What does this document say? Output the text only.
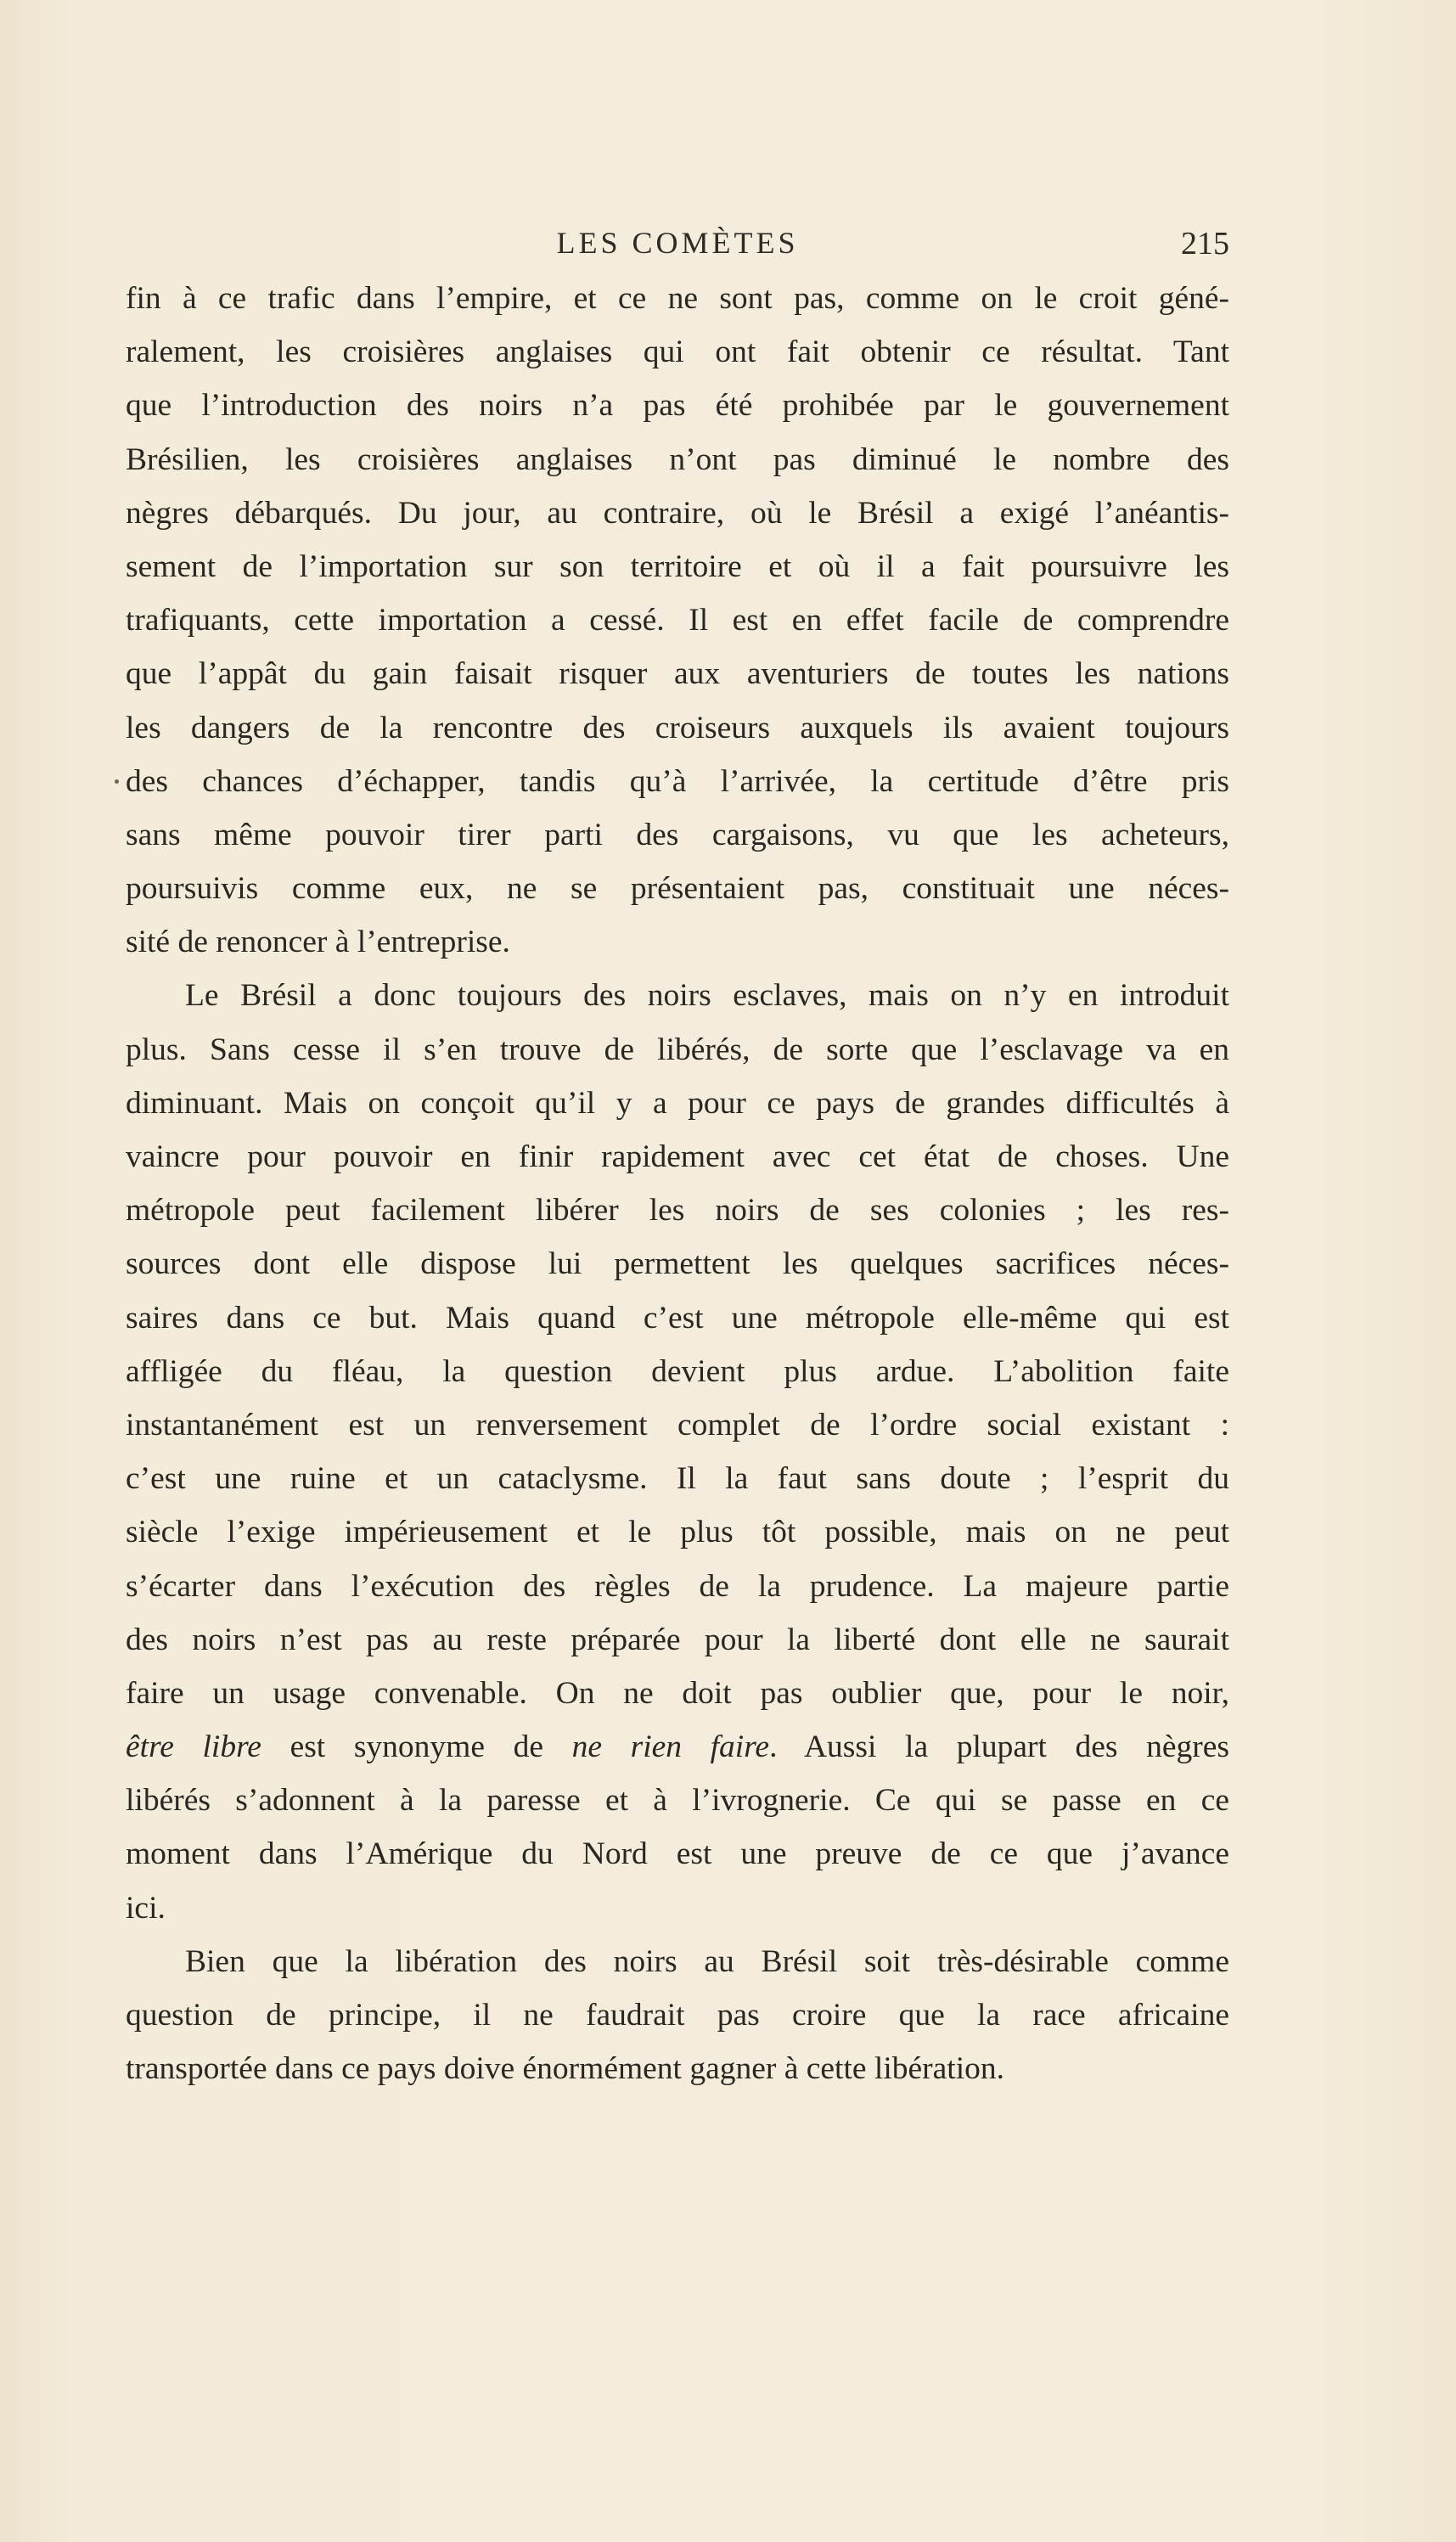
LES COMÈTES	215
fin à ce trafic dans l’empire, et ce ne sont pas, comme on le croit géné-
ralement, les croisières anglaises qui ont fait obtenir ce résultat. Tant
que l’introduction des noirs n’a pas été prohibée par le gouvernement
Brésilien, les croisières anglaises n’ont pas diminué le nombre des
nègres débarqués. Du jour, au contraire, où le Brésil a exigé l’anéantis-
sement de l’importation sur son territoire et où il a fait poursuivre les
trafiquants, cette importation a cessé. Il est en effet facile de comprendre
que l’appât du gain faisait risquer aux aventuriers de toutes les nations
les dangers de la rencontre des croiseurs auxquels ils avaient toujours
des chances d’échapper, tandis qu’à l’arrivée, la certitude d’être pris
sans même pouvoir tirer parti des cargaisons, vu que les acheteurs,
poursuivis comme eux, ne se présentaient pas, constituait une néces-
sité de renoncer à l’entreprise.
Le Brésil a donc toujours des noirs esclaves, mais on n’y en introduit
plus. Sans cesse il s’en trouve de libérés, de sorte que l’esclavage va en
diminuant. Mais on conçoit qu’il y a pour ce pays de grandes difficultés à
vaincre pour pouvoir en finir rapidement avec cet état de choses. Une
métropole peut facilement libérer les noirs de ses colonies ; les res-
sources dont elle dispose lui permettent les quelques sacrifices néces-
saires dans ce but. Mais quand c’est une métropole elle-même qui est
affligée du fléau, la question devient plus ardue. L’abolition faite
instantanément est un renversement complet de l’ordre social existant :
c’est une ruine et un cataclysme. Il la faut sans doute ; l’esprit du
siècle l’exige impérieusement et le plus tôt possible, mais on ne peut
s’écarter dans l’exécution des règles de la prudence. La majeure partie
des noirs n’est pas au reste préparée pour la liberté dont elle ne saurait
faire un usage convenable. On ne doit pas oublier que, pour le noir,
être libre est synonyme de ne rien faire. Aussi la plupart des nègres
libérés s’adonnent à la paresse et à l’ivrognerie. Ce qui se passe en ce
moment dans l’Amérique du Nord est une preuve de ce que j’avance
ici.
Bien que la libération des noirs au Brésil soit très-désirable comme
question de principe, il ne faudrait pas croire que la race africaine
transportée dans ce pays doive énormément gagner à cette libération.
